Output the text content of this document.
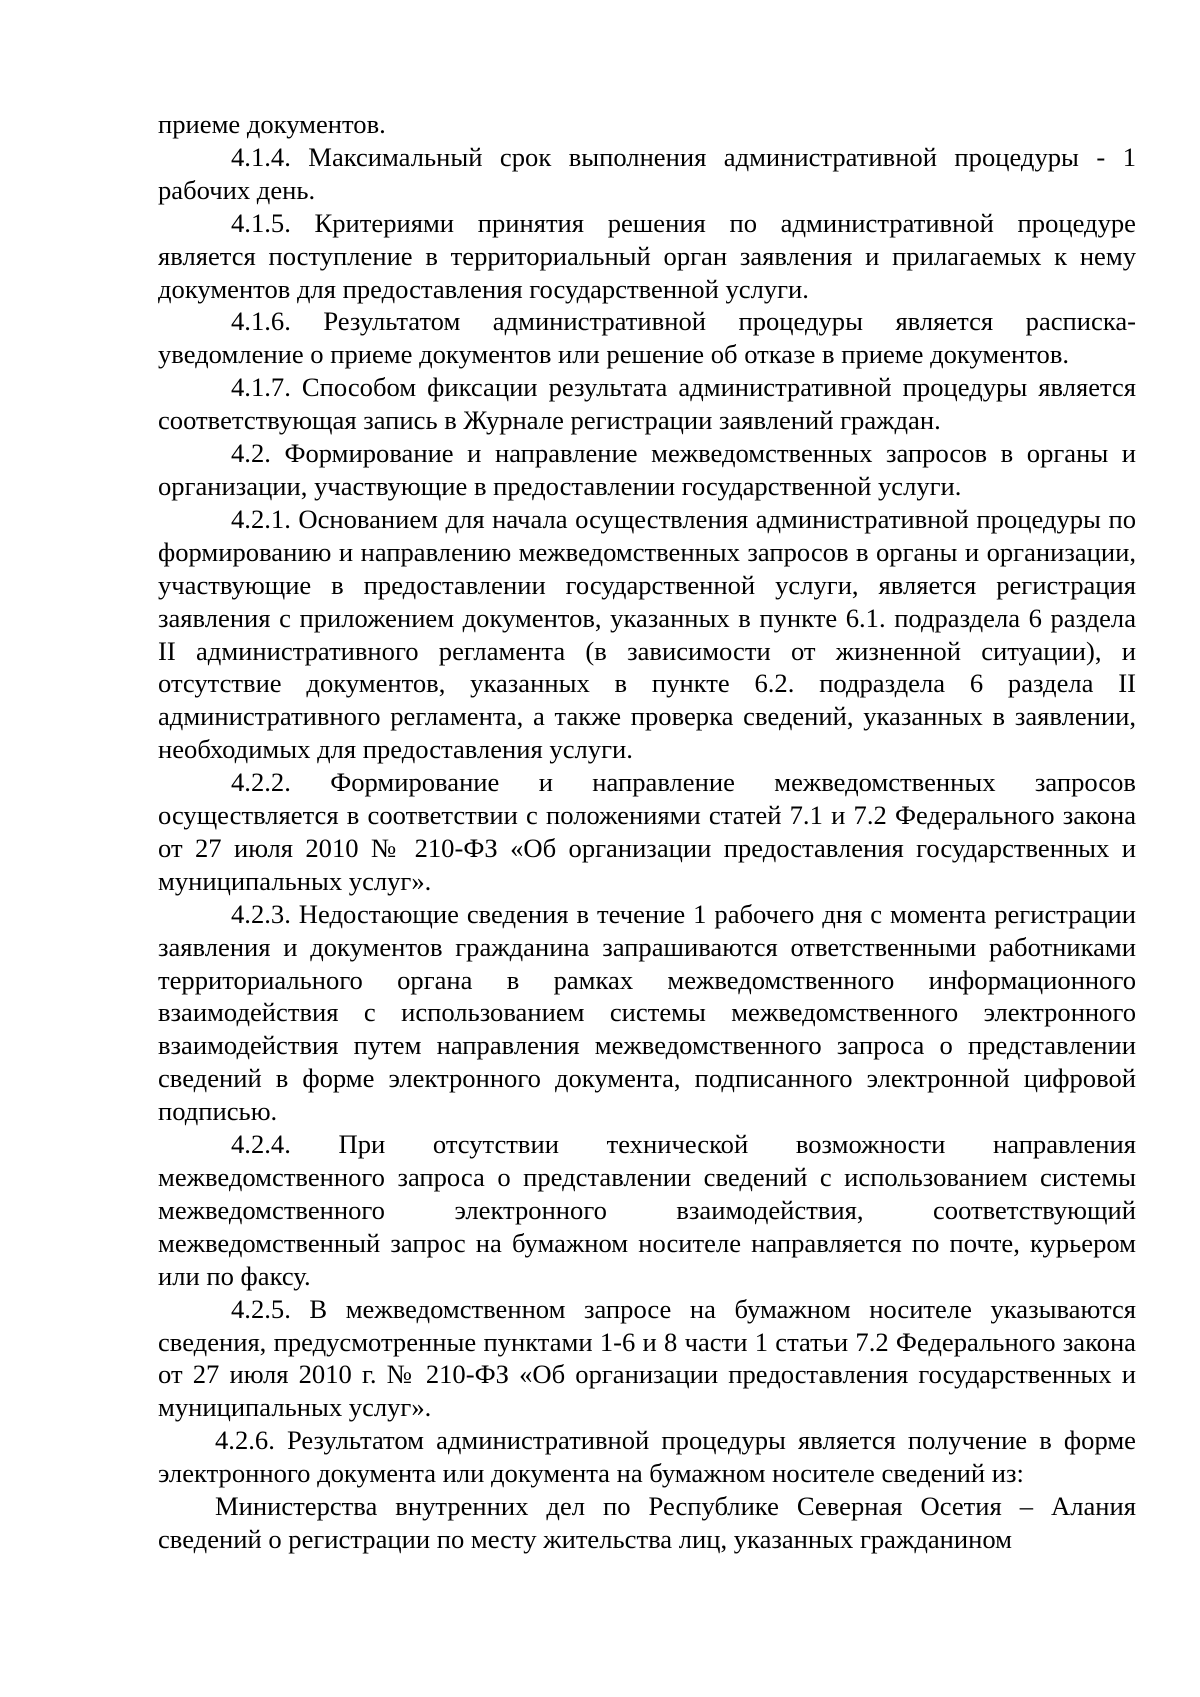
приеме документов.

4.1.4. Максимальный срок выполнения административной процедуры - 1 рабочих день.

4.1.5. Критериями принятия решения по административной процедуре является поступление в территориальный орган заявления и прилагаемых к нему документов для предоставления государственной услуги.

4.1.6. Результатом административной процедуры является расписка-уведомление о приеме документов или решение об отказе в приеме документов.

4.1.7. Способом фиксации результата административной процедуры является соответствующая запись в Журнале регистрации заявлений граждан.

4.2. Формирование и направление межведомственных запросов в органы и организации, участвующие в предоставлении государственной услуги.

4.2.1. Основанием для начала осуществления административной процедуры по формированию и направлению межведомственных запросов в органы и организации, участвующие в предоставлении государственной услуги, является регистрация заявления с приложением документов, указанных в пункте 6.1. подраздела 6 раздела II административного регламента (в зависимости от жизненной ситуации), и отсутствие документов, указанных в пункте 6.2. подраздела 6 раздела II административного регламента, а также проверка сведений, указанных в заявлении, необходимых для предоставления услуги.

4.2.2. Формирование и направление межведомственных запросов осуществляется в соответствии с положениями статей 7.1 и 7.2 Федерального закона от 27 июля 2010 № 210-ФЗ «Об организации предоставления государственных и муниципальных услуг».

4.2.3. Недостающие сведения в течение 1 рабочего дня с момента регистрации заявления и документов гражданина запрашиваются ответственными работниками территориального органа в рамках межведомственного информационного взаимодействия с использованием системы межведомственного электронного взаимодействия путем направления межведомственного запроса о представлении сведений в форме электронного документа, подписанного электронной цифровой подписью.

4.2.4. При отсутствии технической возможности направления межведомственного запроса о представлении сведений с использованием системы межведомственного электронного взаимодействия, соответствующий межведомственный запрос на бумажном носителе направляется по почте, курьером или по факсу.

4.2.5. В межведомственном запросе на бумажном носителе указываются сведения, предусмотренные пунктами 1-6 и 8 части 1 статьи 7.2 Федерального закона от 27 июля 2010 г. № 210-ФЗ «Об организации предоставления государственных и муниципальных услуг».

4.2.6. Результатом административной процедуры является получение в форме электронного документа или документа на бумажном носителе сведений из:

Министерства внутренних дел по Республике Северная Осетия – Алания сведений о регистрации по месту жительства лиц, указанных гражданином
